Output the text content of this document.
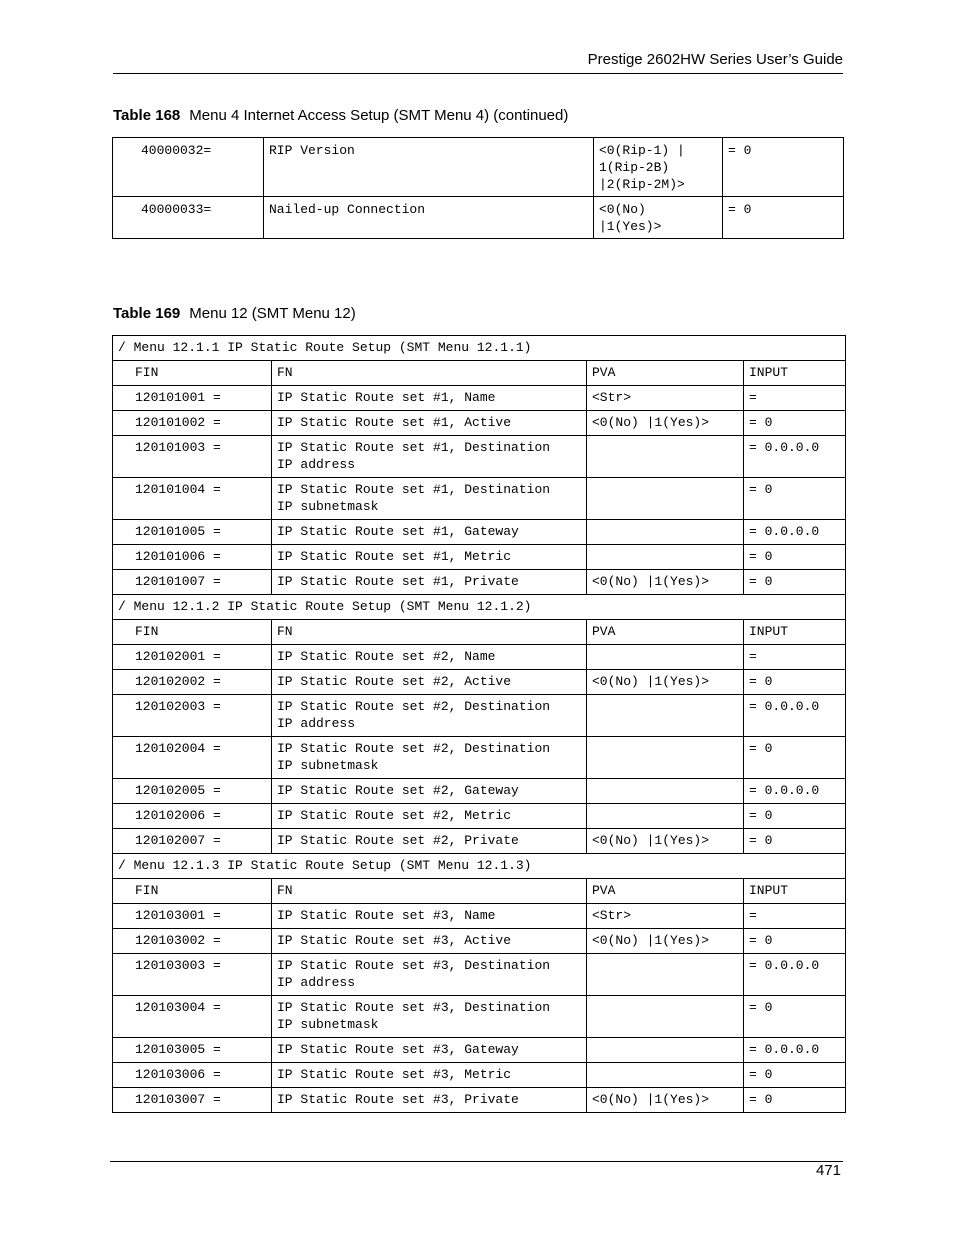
Prestige 2602HW Series User’s Guide
Table 168 Menu 4 Internet Access Setup (SMT Menu 4) (continued)
40000032=	RIP Version	<0(Rip-1) |
1(Rip-2B)
|2(Rip-2M)>	= 0
40000033=	Nailed-up Connection	<0(No)
|1(Yes)>	= 0
Table 169 Menu 12 (SMT Menu 12)
/ Menu 12.1.1 IP Static Route Setup (SMT Menu 12.1.1)			
FIN	FN	PVA	INPUT
120101001 =	IP Static Route set #1, Name	<Str>	=
120101002 =	IP Static Route set #1, Active	<0(No) |1(Yes)>	= 0
120101003 =	IP Static Route set #1, Destination
IP address		= 0.0.0.0
120101004 =	IP Static Route set #1, Destination
IP subnetmask		= 0
120101005 =	IP Static Route set #1, Gateway		= 0.0.0.0
120101006 =	IP Static Route set #1, Metric		= 0
120101007 =	IP Static Route set #1, Private	<0(No) |1(Yes)>	= 0
/ Menu 12.1.2 IP Static Route Setup (SMT Menu 12.1.2)			
FIN	FN	PVA	INPUT
120102001 =	IP Static Route set #2, Name		=
120102002 =	IP Static Route set #2, Active	<0(No) |1(Yes)>	= 0
120102003 =	IP Static Route set #2, Destination
IP address		= 0.0.0.0
120102004 =	IP Static Route set #2, Destination
IP subnetmask		= 0
120102005 =	IP Static Route set #2, Gateway		= 0.0.0.0
120102006 =	IP Static Route set #2, Metric		= 0
120102007 =	IP Static Route set #2, Private	<0(No) |1(Yes)>	= 0
/ Menu 12.1.3 IP Static Route Setup (SMT Menu 12.1.3)			
FIN	FN	PVA	INPUT
120103001 =	IP Static Route set #3, Name	<Str>	=
120103002 =	IP Static Route set #3, Active	<0(No) |1(Yes)>	= 0
120103003 =	IP Static Route set #3, Destination
IP address		= 0.0.0.0
120103004 =	IP Static Route set #3, Destination
IP subnetmask		= 0
120103005 =	IP Static Route set #3, Gateway		= 0.0.0.0
120103006 =	IP Static Route set #3, Metric		= 0
120103007 =	IP Static Route set #3, Private	<0(No) |1(Yes)>	= 0
471
